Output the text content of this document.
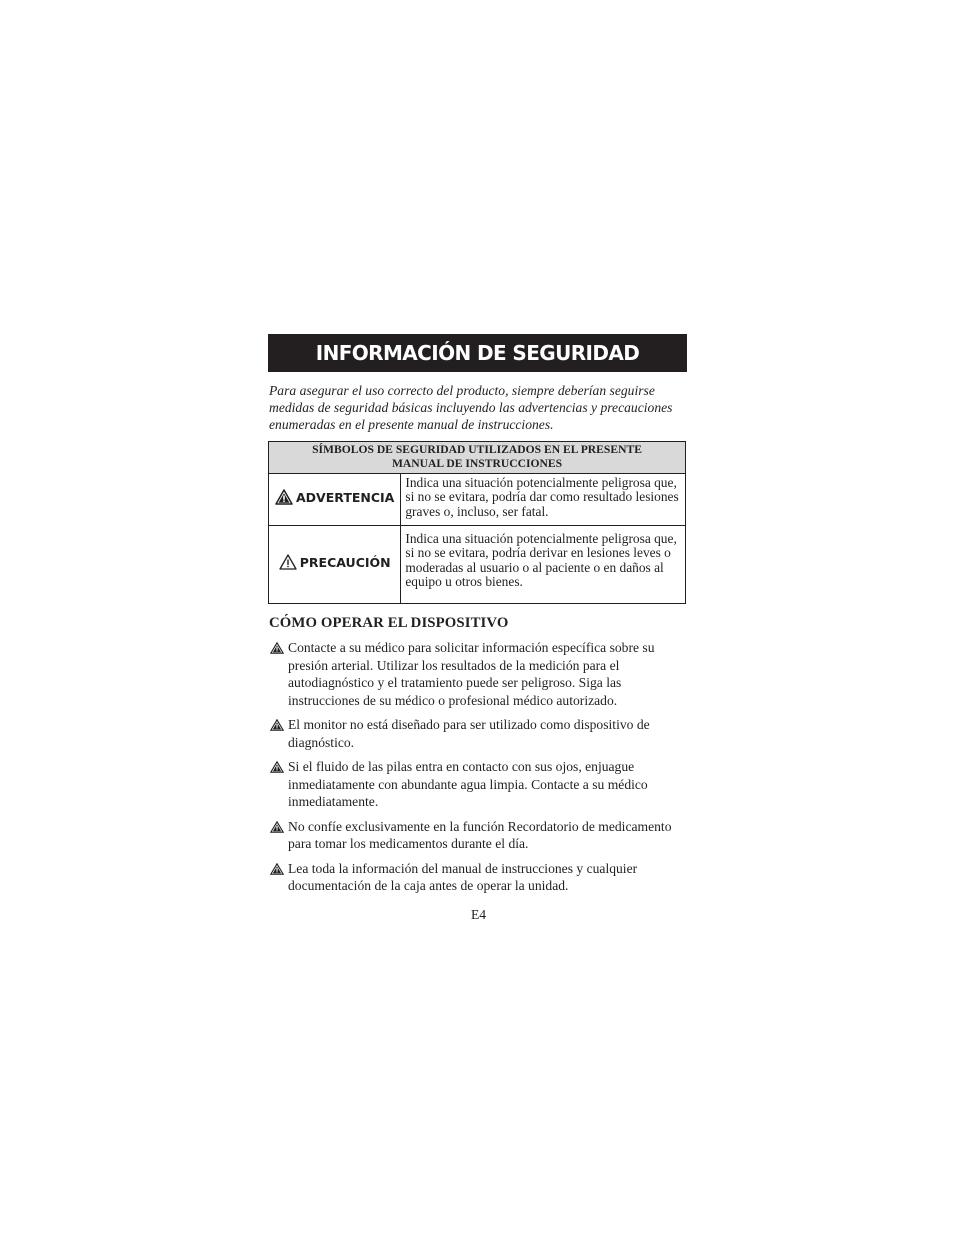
INFORMACIÓN DE SEGURIDAD

Para asegurar el uso correcto del producto, siempre deberían seguirse medidas de seguridad básicas incluyendo las advertencias y precauciones enumeradas en el presente manual de instrucciones.

SÍMBOLOS DE SEGURIDAD UTILIZADOS EN EL PRESENTE
MANUAL DE INSTRUCCIONES	

ADVERTENCIA	Indica una situación potencialmente peligrosa que, si no se evitara, podría dar como resultado lesiones graves o, incluso, ser fatal.

PRECAUCIÓN	Indica una situación potencialmente peligrosa que, si no se evitara, podría derivar en lesiones leves o moderadas al usuario o al paciente o en daños al equipo u otros bienes.
CÓMO OPERAR EL DISPOSITIVO
Contacte a su médico para solicitar información específica sobre su presión arterial. Utilizar los resultados de la medición para el autodiagnóstico y el tratamiento puede ser peligroso. Siga las instrucciones de su médico o profesional médico autorizado.
El monitor no está diseñado para ser utilizado como dispositivo de diagnóstico.
Si el fluido de las pilas entra en contacto con sus ojos, enjuague inmediatamente con abundante agua limpia. Contacte a su médico inmediatamente.
No confíe exclusivamente en la función Recordatorio de medicamento para tomar los medicamentos durante el día.
Lea toda la información del manual de instrucciones y cualquier documentación de la caja antes de operar la unidad.
E4
